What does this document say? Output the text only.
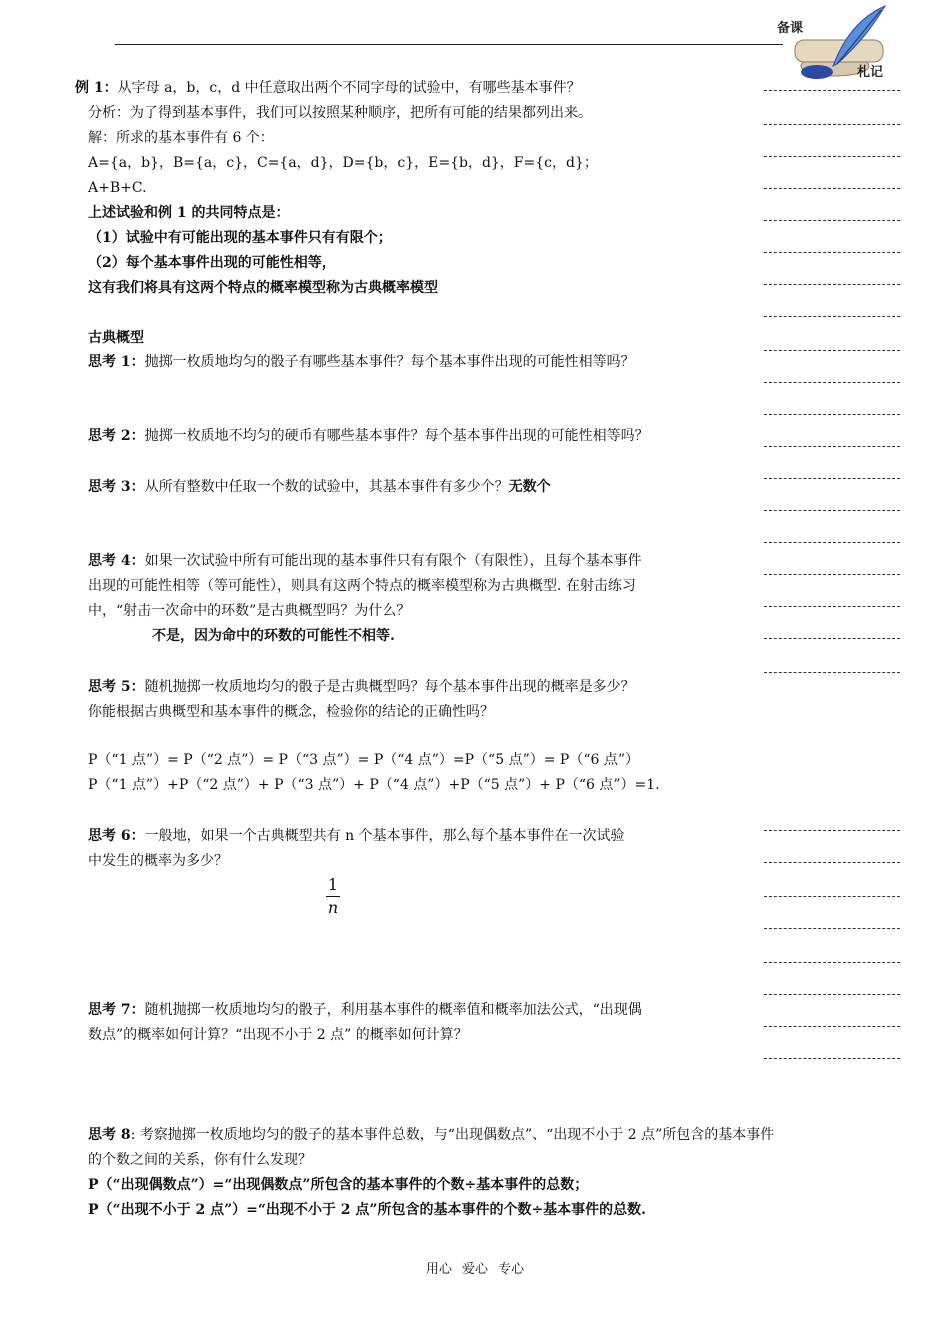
备课
札记
例 1：从字母 a，b，c，d 中任意取出两个不同字母的试验中，有哪些基本事件？
分析：为了得到基本事件，我们可以按照某种顺序，把所有可能的结果都列出来。
解：所求的基本事件有 6 个：
A={a，b}，B={a，c}，C={a，d}，D={b，c}，E={b，d}，F={c，d}；
A+B+C.
上述试验和例 1 的共同特点是：
（1）试验中有可能出现的基本事件只有有限个；
（2）每个基本事件出现的可能性相等，
这有我们将具有这两个特点的概率模型称为古典概率模型
古典概型
思考 1：抛掷一枚质地均匀的骰子有哪些基本事件？每个基本事件出现的可能性相等吗？
思考 2：抛掷一枚质地不均匀的硬币有哪些基本事件？每个基本事件出现的可能性相等吗？
思考 3：从所有整数中任取一个数的试验中，其基本事件有多少个？无数个
思考 4：如果一次试验中所有可能出现的基本事件只有有限个（有限性），且每个基本事件
出现的可能性相等（等可能性），则具有这两个特点的概率模型称为古典概型. 在射击练习
中，“射击一次命中的环数”是古典概型吗？为什么？
不是，因为命中的环数的可能性不相等.
思考 5：随机抛掷一枚质地均匀的骰子是古典概型吗？每个基本事件出现的概率是多少？
你能根据古典概型和基本事件的概念，检验你的结论的正确性吗？
P（“1 点”）= P（“2 点”）= P（“3 点”）= P（“4 点”）=P（“5 点”）= P（“6 点”）
P（“1 点”）+P（“2 点”）+ P（“3 点”）+ P（“4 点”）+P（“5 点”）+ P（“6 点”）=1.
思考 6：一般地，如果一个古典概型共有 n 个基本事件，那么每个基本事件在一次试验
中发生的概率为多少？
1
n
思考 7：随机抛掷一枚质地均匀的骰子，利用基本事件的概率值和概率加法公式，“出现偶
数点”的概率如何计算？“出现不小于 2 点” 的概率如何计算？
思考 8: 考察抛掷一枚质地均匀的骰子的基本事件总数，与“出现偶数点”、“出现不小于 2 点”所包含的基本事件
的个数之间的关系，你有什么发现？
P（“出现偶数点”）=“出现偶数点”所包含的基本事件的个数÷基本事件的总数；
P（“出现不小于 2 点”）=“出现不小于 2 点”所包含的基本事件的个数÷基本事件的总数.
用心 爱心 专心
